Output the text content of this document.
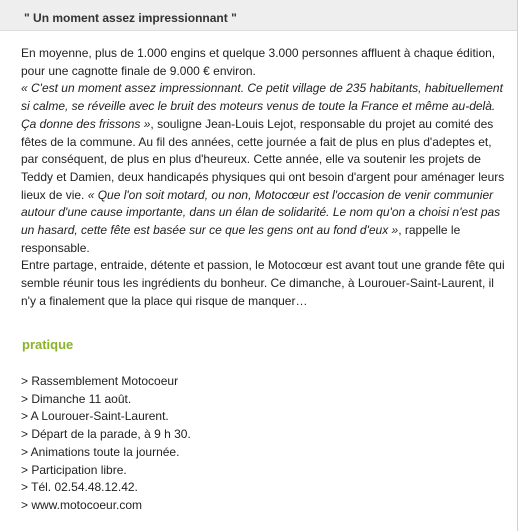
" Un moment assez impressionnant "

En moyenne, plus de 1.000 engins et quelque 3.000 personnes affluent à chaque édition, pour une cagnotte finale de 9.000 € environ.

« C'est un moment assez impressionnant. Ce petit village de 235 habitants, habituellement si calme, se réveille avec le bruit des moteurs venus de toute la France et même au-delà. Ça donne des frissons », souligne Jean-Louis Lejot, responsable du projet au comité des fêtes de la commune. Au fil des années, cette journée a fait de plus en plus d'adeptes et, par conséquent, de plus en plus d'heureux. Cette année, elle va soutenir les projets de Teddy et Damien, deux handicapés physiques qui ont besoin d'argent pour aménager leurs lieux de vie. « Que l'on soit motard, ou non, Motocœur est l'occasion de venir communier autour d'une cause importante, dans un élan de solidarité. Le nom qu'on a choisi n'est pas un hasard, cette fête est basée sur ce que les gens ont au fond d'eux », rappelle le responsable.

Entre partage, entraide, détente et passion, le Motocœur est avant tout une grande fête qui semble réunir tous les ingrédients du bonheur. Ce dimanche, à Lourouer-Saint-Laurent, il n'y a finalement que la place qui risque de manquer…

pratique
> Rassemblement Motocoeur
> Dimanche 11 août.
> A Lourouer-Saint-Laurent.
> Départ de la parade, à 9 h 30.
> Animations toute la journée.
> Participation libre.
> Tél. 02.54.48.12.42.
> www.motocoeur.com
